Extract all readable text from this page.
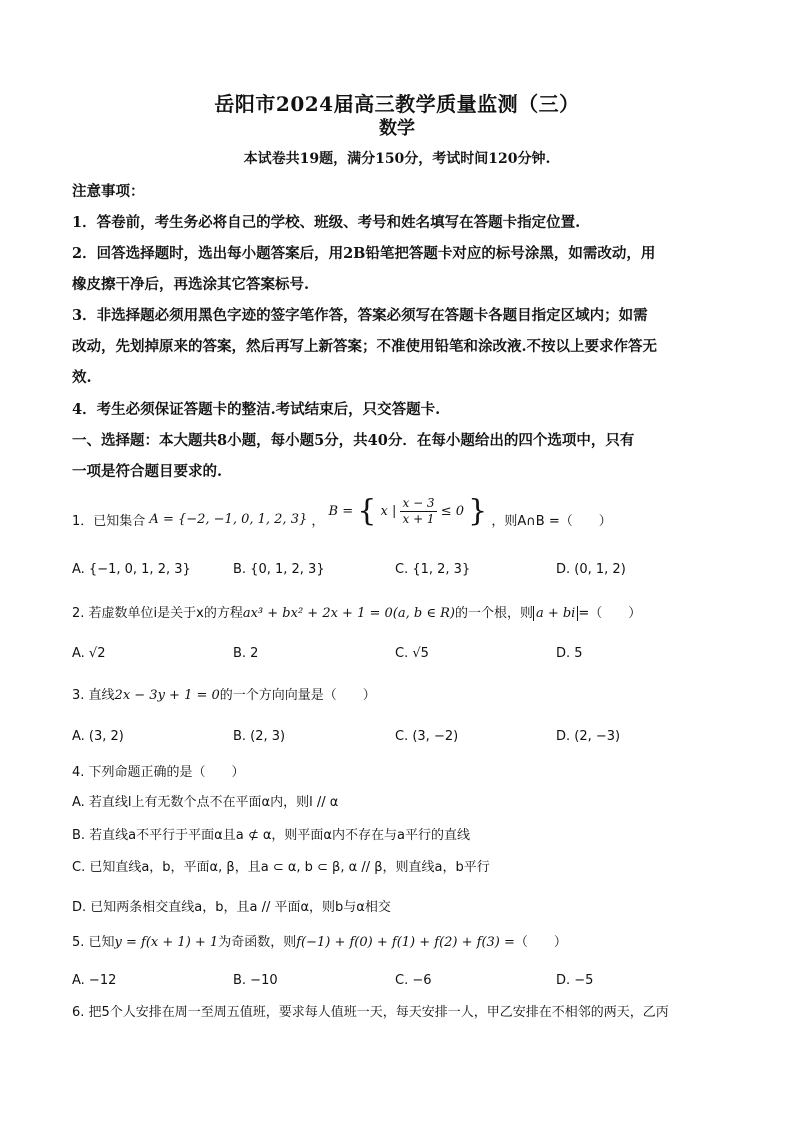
岳阳市2024届高三教学质量监测（三）
数学
本试卷共19题，满分150分，考试时间120分钟.
注意事项：
1．答卷前，考生务必将自己的学校、班级、考号和姓名填写在答题卡指定位置.
2．回答选择题时，选出每小题答案后，用2B铅笔把答题卡对应的标号涂黑，如需改动，用
橡皮擦干净后，再选涂其它答案标号.
3．非选择题必须用黑色字迹的签字笔作答，答案必须写在答题卡各题目指定区域内；如需
改动，先划掉原来的答案，然后再写上新答案；不准使用铅笔和涂改液.不按以上要求作答无
效.
4．考生必须保证答题卡的整洁.考试结束后，只交答题卡.
一、选择题：本大题共8小题，每小题5分，共40分．在每小题给出的四个选项中，只有
一项是符合题目要求的.
1．已知集合 A = {−2, −1, 0, 1, 2, 3} ， B = { x | $\frac{x - 3}{x + 1} \le 0$ } ，则A∩B =（　　）
A. {−1, 0, 1, 2, 3}	B. {0, 1, 2, 3}	C. {1, 2, 3}	D. (0, 1, 2)
2. 若虚数单位i是关于x的方程ax³ + bx² + 2x + 1 = 0(a, b ∈ R)的一个根，则 a + bi =（　　）
A. √2	B. 2	C. √5	D. 5
3. 直线2x − 3y + 1 = 0的一个方向向量是（　　）
A. (3, 2)	B. (2, 3)	C. (3, −2)	D. (2, −3)
4. 下列命题正确的是（　　）
A. 若直线l上有无数个点不在平面α内，则l // α
B. 若直线a不平行于平面α且a ⊄ α，则平面α内不存在与a平行的直线
C. 已知直线a，b，平面α, β，且a ⊂ α, b ⊂ β, α // β，则直线a，b平行
D. 已知两条相交直线a，b，且a // 平面α，则b与α相交
5. 已知y = f(x + 1) + 1为奇函数，则f(−1) + f(0) + f(1) + f(2) + f(3) =（　　）
A. −12	B. −10	C. −6	D. −5
6. 把5个人安排在周一至周五值班，要求每人值班一天，每天安排一人，甲乙安排在不相邻的两天，乙丙
